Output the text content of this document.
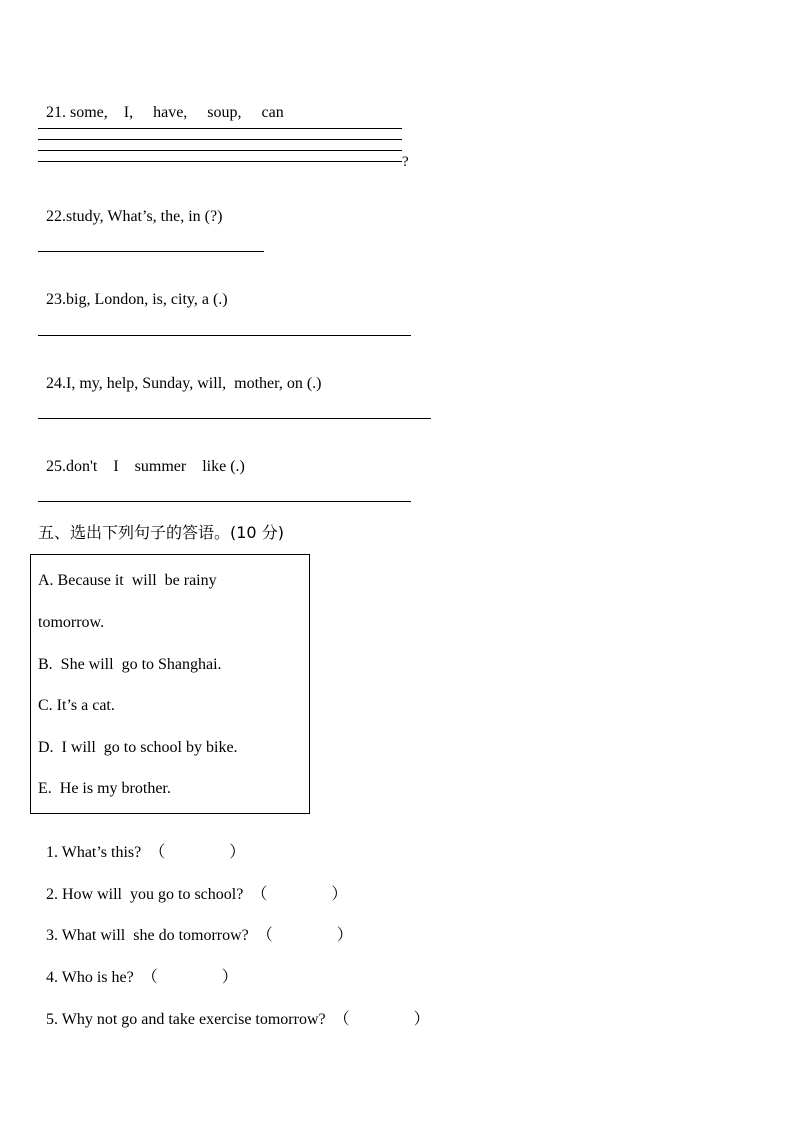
21. some,    I,     have,     soup,     can

?

22.study, What’s, the, in (?)

23.big, London, is, city, a (.)

24.I, my, help, Sunday, will,  mother, on (.)

25.don't    I    summer    like (.)

五、选出下列句子的答语。(10 分)
A. Because it  will  be rainy
tomorrow.
B.  She will  go to Shanghai.
C. It’s a cat.
D.  I will  go to school by bike.
E.  He is my brother.

1. What’s this? （                ）

2. How will  you go to school? （                ）

3. What will  she do tomorrow? （                ）

4. Who is he? （                ）

5. Why not go and take exercise tomorrow? （                ）
